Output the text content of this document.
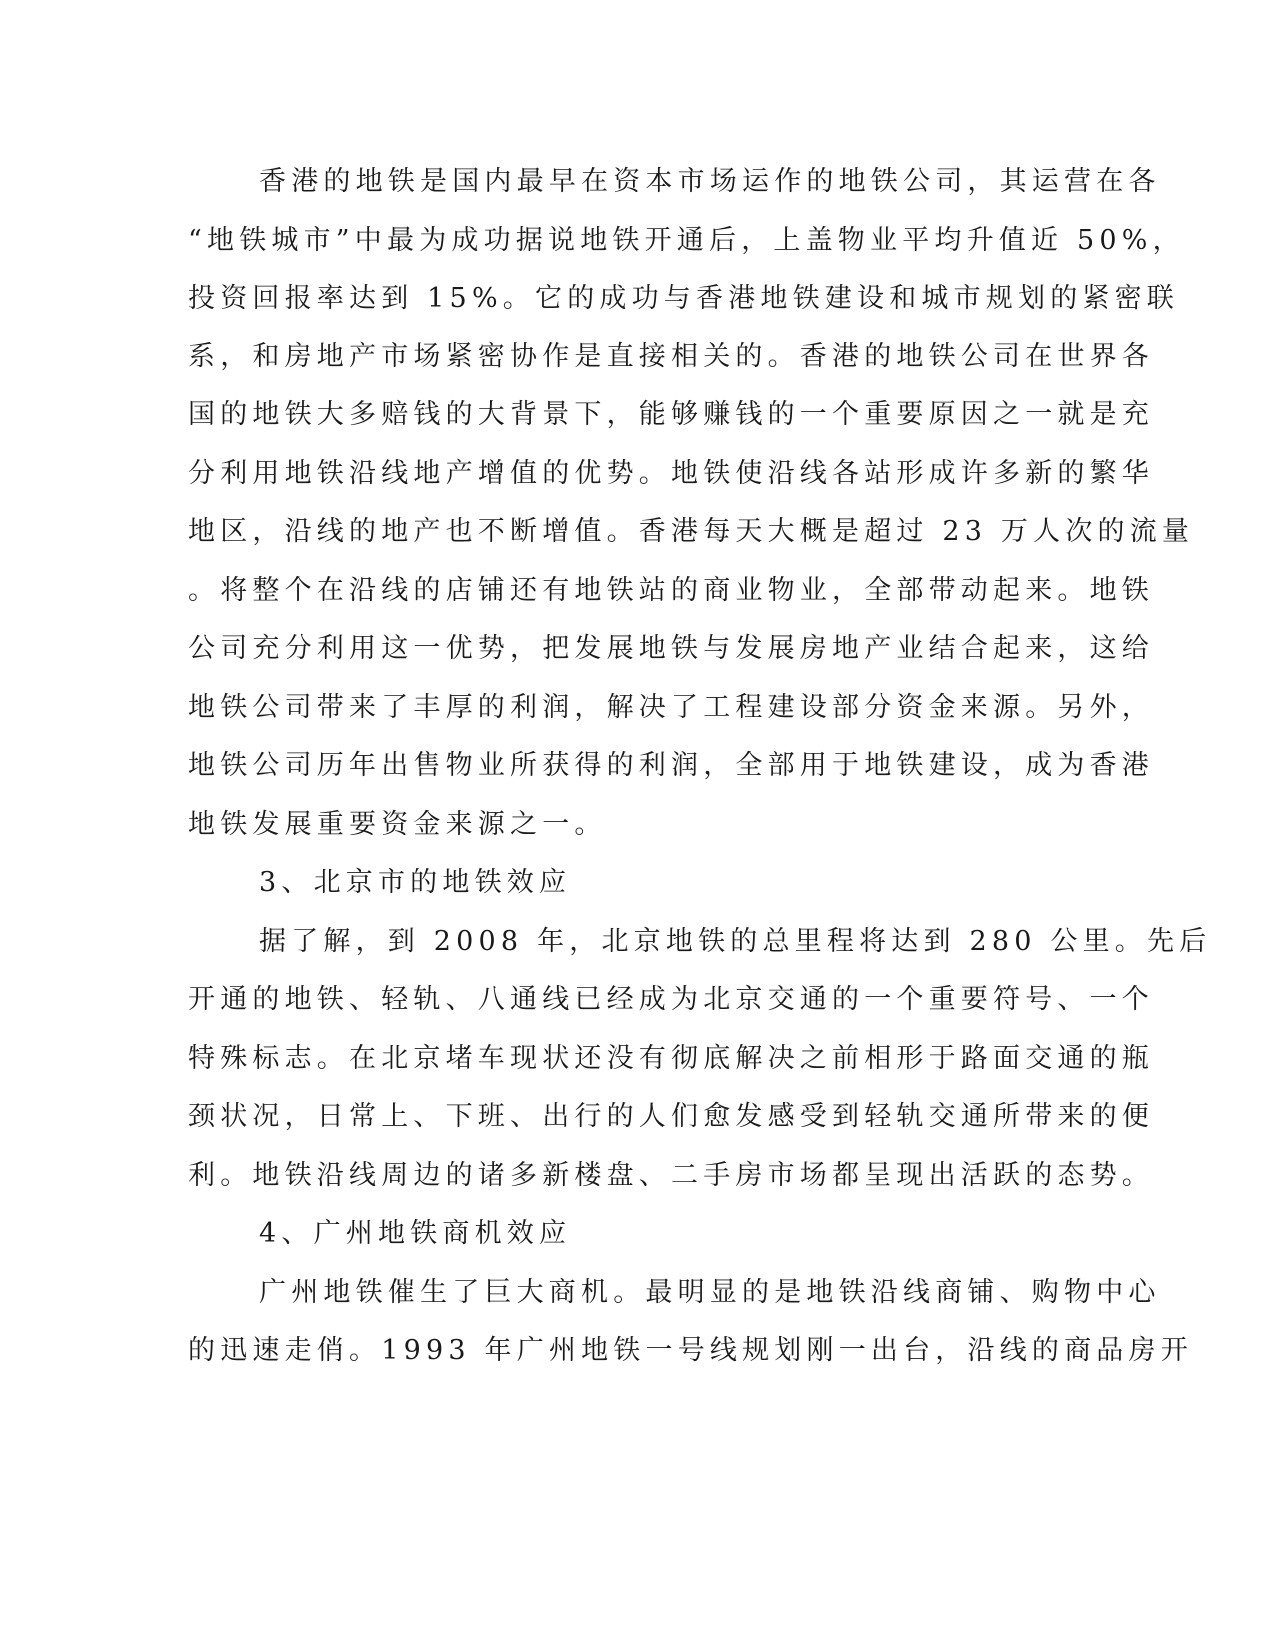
香港的地铁是国内最早在资本市场运作的地铁公司，其运营在各
“地铁城市”中最为成功据说地铁开通后，上盖物业平均升值近 50%，
投资回报率达到 15%。它的成功与香港地铁建设和城市规划的紧密联
系，和房地产市场紧密协作是直接相关的。香港的地铁公司在世界各
国的地铁大多赔钱的大背景下，能够赚钱的一个重要原因之一就是充
分利用地铁沿线地产增值的优势。地铁使沿线各站形成许多新的繁华
地区，沿线的地产也不断增值。香港每天大概是超过 23 万人次的流量
。将整个在沿线的店铺还有地铁站的商业物业，全部带动起来。地铁
公司充分利用这一优势，把发展地铁与发展房地产业结合起来，这给
地铁公司带来了丰厚的利润，解决了工程建设部分资金来源。另外，
地铁公司历年出售物业所获得的利润，全部用于地铁建设，成为香港
地铁发展重要资金来源之一。
3、北京市的地铁效应
据了解，到 2008 年，北京地铁的总里程将达到 280 公里。先后
开通的地铁、轻轨、八通线已经成为北京交通的一个重要符号、一个
特殊标志。在北京堵车现状还没有彻底解决之前相形于路面交通的瓶
颈状况，日常上、下班、出行的人们愈发感受到轻轨交通所带来的便
利。地铁沿线周边的诸多新楼盘、二手房市场都呈现出活跃的态势。
4、广州地铁商机效应
广州地铁催生了巨大商机。最明显的是地铁沿线商铺、购物中心
的迅速走俏。1993 年广州地铁一号线规划刚一出台，沿线的商品房开
